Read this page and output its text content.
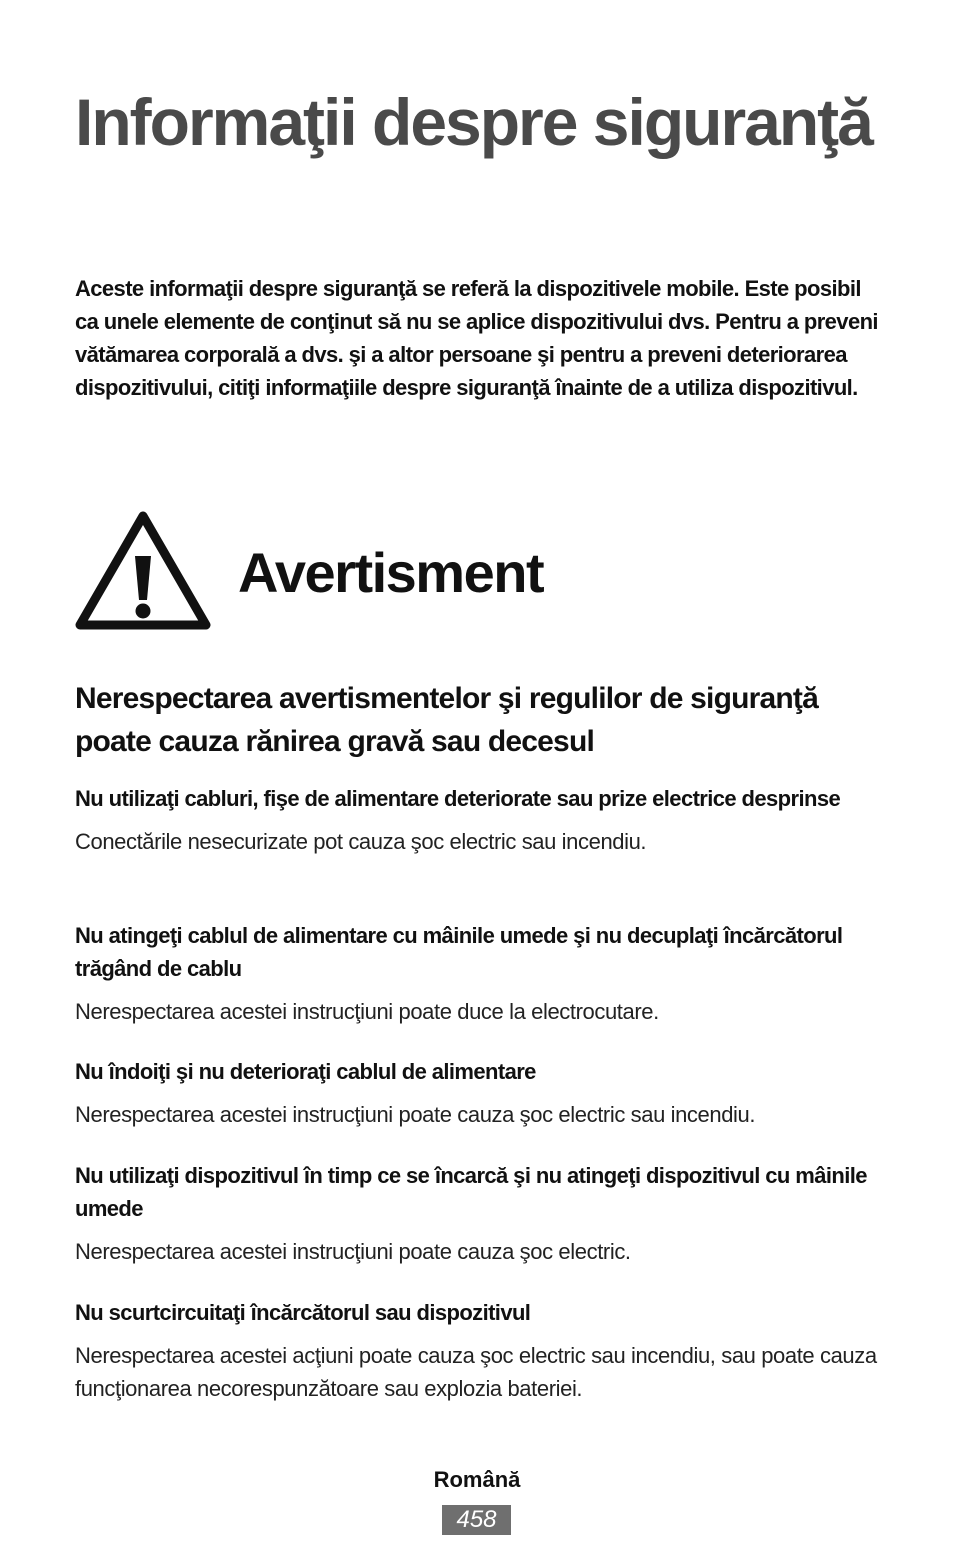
Informaţii despre siguranţă

Aceste informaţii despre siguranţă se referă la dispozitivele mobile. Este posibil ca unele elemente de conţinut să nu se aplice dispozitivului dvs. Pentru a preveni vătămarea corporală a dvs. şi a altor persoane şi pentru a preveni deteriorarea dispozitivului, citiţi informaţiile despre siguranţă înainte de a utiliza dispozitivul.

Avertisment
Nerespectarea avertismentelor şi regulilor de siguranţă poate cauza rănirea gravă sau decesul

Nu utilizaţi cabluri, fişe de alimentare deteriorate sau prize electrice desprinse

Conectările nesecurizate pot cauza şoc electric sau incendiu.

Nu atingeţi cablul de alimentare cu mâinile umede şi nu decuplaţi încărcătorul trăgând de cablu

Nerespectarea acestei instrucţiuni poate duce la electrocutare.

Nu îndoiţi şi nu deterioraţi cablul de alimentare

Nerespectarea acestei instrucţiuni poate cauza şoc electric sau incendiu.

Nu utilizaţi dispozitivul în timp ce se încarcă şi nu atingeţi dispozitivul cu mâinile umede

Nerespectarea acestei instrucţiuni poate cauza şoc electric.

Nu scurtcircuitaţi încărcătorul sau dispozitivul

Nerespectarea acestei acţiuni poate cauza şoc electric sau incendiu, sau poate cauza funcţionarea necorespunzătoare sau explozia bateriei.

Română

458
